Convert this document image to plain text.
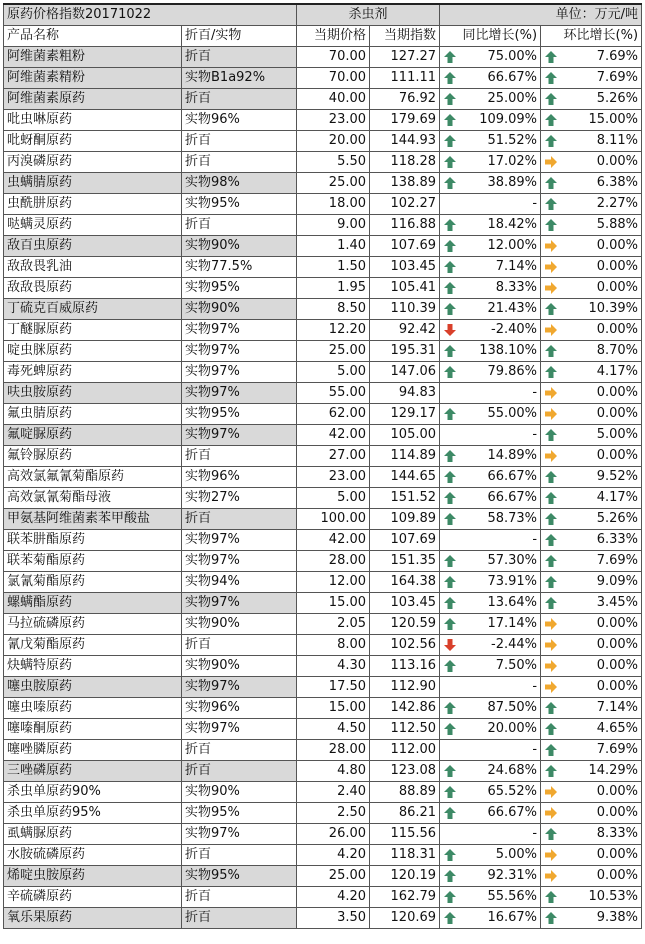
原药价格指数20171022		杀虫剂		单位：万元/吨			
产品名称	折百/实物	当期价格	当期指数	同比增长(%)		环比增长(%)	
阿维菌素粗粉	折百	70.00	127.27		75.00%		7.69%
阿维菌素精粉	实物B1a92%	70.00	111.11		66.67%		7.69%
阿维菌素原药	折百	40.00	76.92		25.00%		5.26%
吡虫啉原药	实物96%	23.00	179.69		109.09%		15.00%
吡蚜酮原药	折百	20.00	144.93		51.52%		8.11%
丙溴磷原药	折百	5.50	118.28		17.02%		0.00%
虫螨腈原药	实物98%	25.00	138.89		38.89%		6.38%
虫酰肼原药	实物95%	18.00	102.27		-		2.27%
哒螨灵原药	折百	9.00	116.88		18.42%		5.88%
敌百虫原药	实物90%	1.40	107.69		12.00%		0.00%
敌敌畏乳油	实物77.5%	1.50	103.45		7.14%		0.00%
敌敌畏原药	实物95%	1.95	105.41		8.33%		0.00%
丁硫克百威原药	实物90%	8.50	110.39		21.43%		10.39%
丁醚脲原药	实物97%	12.20	92.42		-2.40%		0.00%
啶虫脒原药	实物97%	25.00	195.31		138.10%		8.70%
毒死蜱原药	实物97%	5.00	147.06		79.86%		4.17%
呋虫胺原药	实物97%	55.00	94.83		-		0.00%
氟虫腈原药	实物95%	62.00	129.17		55.00%		0.00%
氟啶脲原药	实物97%	42.00	105.00		-		5.00%
氟铃脲原药	折百	27.00	114.89		14.89%		0.00%
高效氯氟氰菊酯原药	实物96%	23.00	144.65		66.67%		9.52%
高效氯氰菊酯母液	实物27%	5.00	151.52		66.67%		4.17%
甲氨基阿维菌素苯甲酸盐	折百	100.00	109.89		58.73%		5.26%
联苯肼酯原药	实物97%	42.00	107.69		-		6.33%
联苯菊酯原药	实物97%	28.00	151.35		57.30%		7.69%
氯氰菊酯原药	实物94%	12.00	164.38		73.91%		9.09%
螺螨酯原药	实物97%	15.00	103.45		13.64%		3.45%
马拉硫磷原药	实物90%	2.05	120.59		17.14%		0.00%
氰戊菊酯原药	折百	8.00	102.56		-2.44%		0.00%
炔螨特原药	实物90%	4.30	113.16		7.50%		0.00%
噻虫胺原药	实物97%	17.50	112.90		-		0.00%
噻虫嗪原药	实物96%	15.00	142.86		87.50%		7.14%
噻嗪酮原药	实物97%	4.50	112.50		20.00%		4.65%
噻唑膦原药	折百	28.00	112.00		-		7.69%
三唑磷原药	折百	4.80	123.08		24.68%		14.29%
杀虫单原药90%	实物90%	2.40	88.89		65.52%		0.00%
杀虫单原药95%	实物95%	2.50	86.21		66.67%		0.00%
虱螨脲原药	实物97%	26.00	115.56		-		8.33%
水胺硫磷原药	折百	4.20	118.31		5.00%		0.00%
烯啶虫胺原药	实物95%	25.00	120.19		92.31%		0.00%
辛硫磷原药	折百	4.20	162.79		55.56%		10.53%
氧乐果原药	折百	3.50	120.69		16.67%		9.38%
